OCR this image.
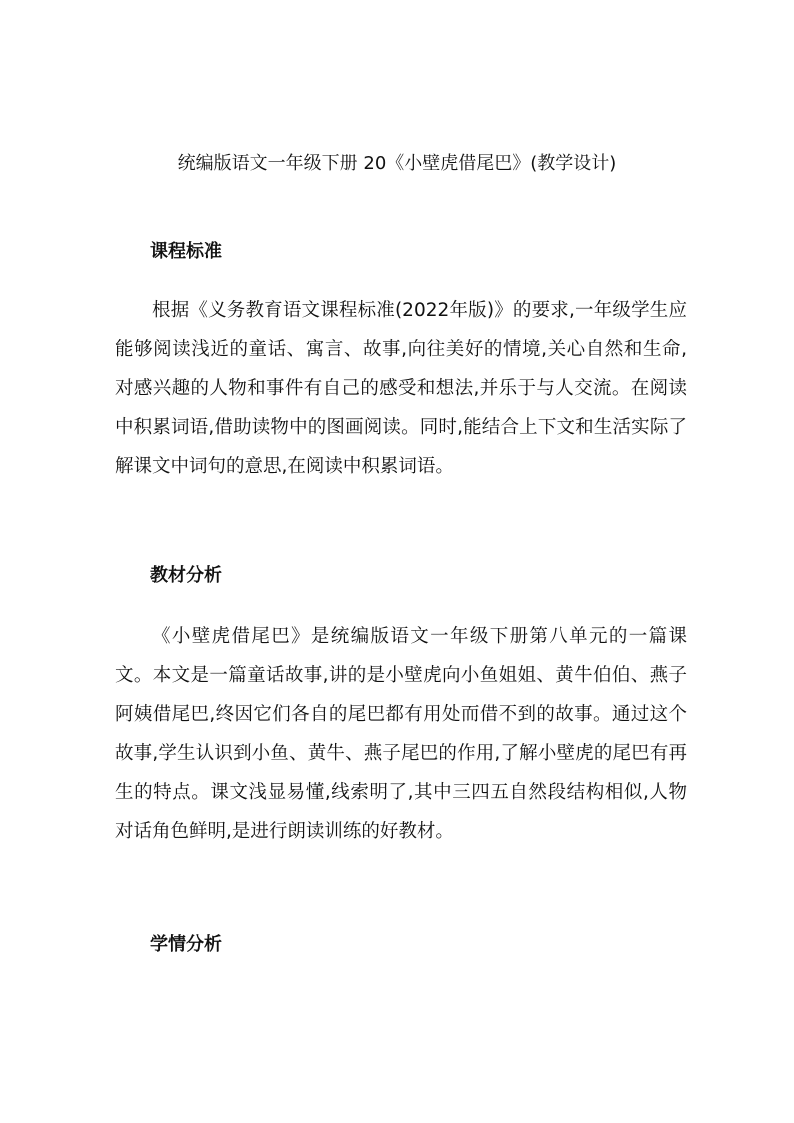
统编版语文一年级下册 20《小壁虎借尾巴》(教学设计)
课程标准

根据《义务教育语文课程标准(2022年版)》的要求,一年级学生应能够阅读浅近的童话、寓言、故事,向往美好的情境,关心自然和生命,对感兴趣的人物和事件有自己的感受和想法,并乐于与人交流。在阅读中积累词语,借助读物中的图画阅读。同时,能结合上下文和生活实际了解课文中词句的意思,在阅读中积累词语。

教材分析

《小壁虎借尾巴》是统编版语文一年级下册第八单元的一篇课文。本文是一篇童话故事,讲的是小壁虎向小鱼姐姐、黄牛伯伯、燕子阿姨借尾巴,终因它们各自的尾巴都有用处而借不到的故事。通过这个故事,学生认识到小鱼、黄牛、燕子尾巴的作用,了解小壁虎的尾巴有再生的特点。课文浅显易懂,线索明了,其中三四五自然段结构相似,人物对话角色鲜明,是进行朗读训练的好教材。

学情分析
